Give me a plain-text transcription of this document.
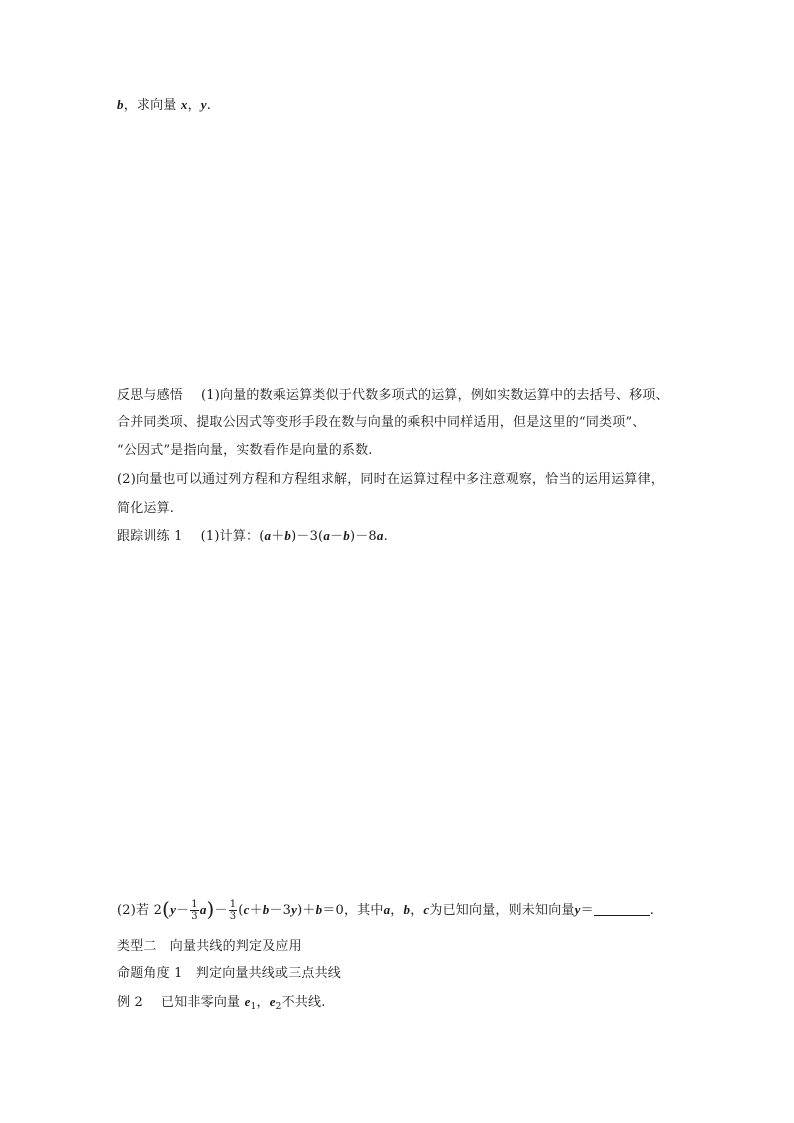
b，求向量 x，y.
反思与感悟 (1)向量的数乘运算类似于代数多项式的运算，例如实数运算中的去括号、移项、
合并同类项、提取公因式等变形手段在数与向量的乘积中同样适用，但是这里的“同类项”、
“公因式”是指向量，实数看作是向量的系数.
(2)向量也可以通过列方程和方程组求解，同时在运算过程中多注意观察，恰当的运用运算律，
简化运算.
跟踪训练 1 (1)计算：(a＋b)－3(a－b)－8a.
(2)若 $2(y- \frac{1}{3} a)- \frac{1}{3} (c+b-3y)+b=0$，其中a，b，c为已知向量，则未知向量y＝	.
类型二　向量共线的判定及应用
命题角度 1　判定向量共线或三点共线
例 2 已知非零向量 $e_1$，$e_2$不共线.
